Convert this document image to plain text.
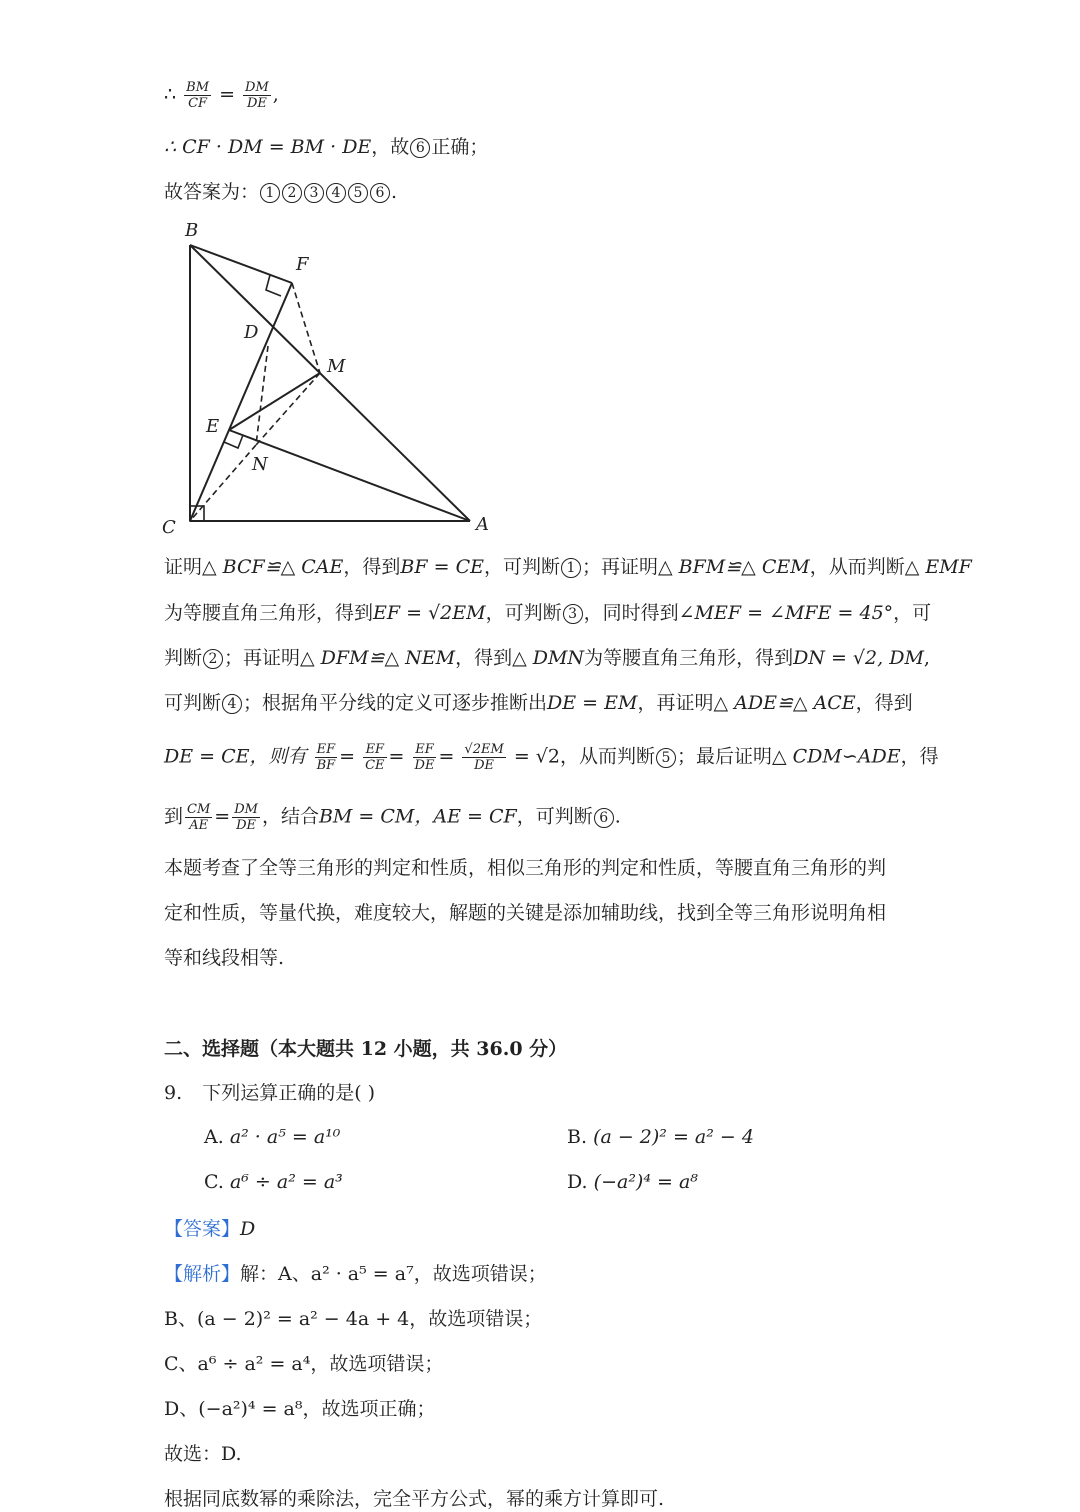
∴ $\frac{BM}{CF} = \frac{DM}{DE}$ ,
∴ CF · DM = BM · DE，故 6 正确；
故答案为： 1 2 3 4 5 6 .
B
F
D
M
E
N
C	A
证明△ BCF≌△ CAE，得到BF = CE，可判断 1 ；再证明△ BFM≌△ CEM，从而判断△ EMF
为等腰直角三角形，得到EF = √2EM，可判断 3 ，同时得到∠MEF = ∠MFE = 45°，可
判断 2 ；再证明△ DFM≌△ NEM，得到△ DMN为等腰直角三角形，得到DN = √2, DM,
可判断 4 ；根据角平分线的定义可逐步推断出DE = EM，再证明△ ADE≌△ ACE，得到
DE = CE，则有 $\frac{EF}{BF} = \frac{EF}{CE} = \frac{EF}{DE} = \frac{√2EM}{DE} = √2$，从而判断 5 ；最后证明△ CDM∽ADE，得
到 $\frac{CM}{AE} = \frac{DM}{DE}$ ，结合BM = CM，AE = CF，可判断 6 .
本题考查了全等三角形的判定和性质，相似三角形的判定和性质，等腰直角三角形的判
定和性质，等量代换，难度较大，解题的关键是添加辅助线，找到全等三角形说明角相
等和线段相等.
二、选择题（本大题共 12 小题，共 36.0 分）
9. 下列运算正确的是( )
A. a² · a⁵ = a¹⁰	B. (a − 2)² = a² − 4
C. a⁶ ÷ a² = a³	D. (−a²)⁴ = a⁸
【答案】D
【解析】解：A、a² · a⁵ = a⁷，故选项错误；
B、(a − 2)² = a² − 4a + 4，故选项错误；
C、a⁶ ÷ a² = a⁴，故选项错误；
D、(−a²)⁴ = a⁸，故选项正确；
故选：D.
根据同底数幂的乘除法，完全平方公式，幂的乘方计算即可.
